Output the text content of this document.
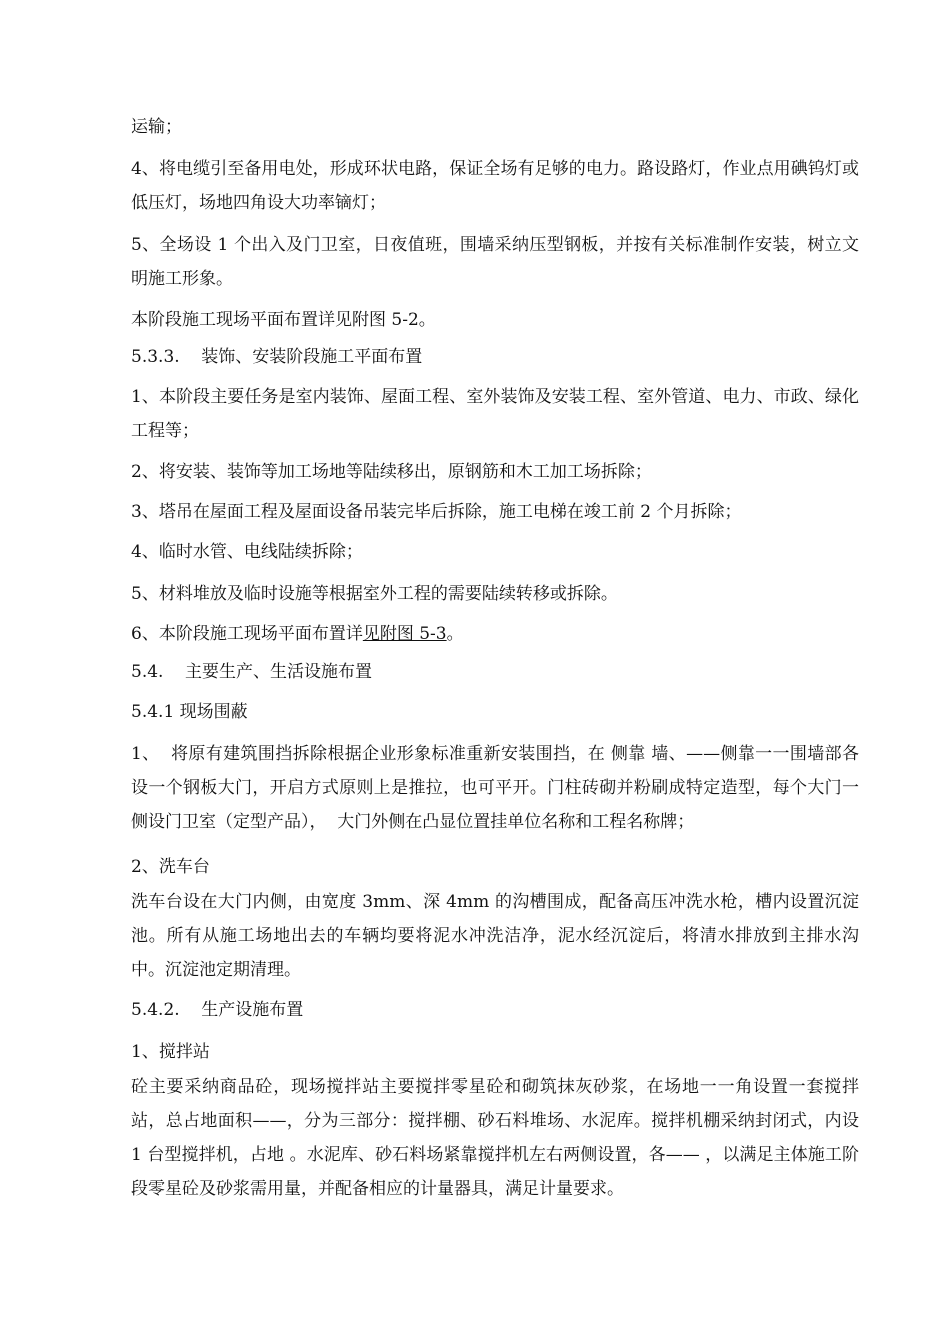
运输；

4、将电缆引至备用电处，形成环状电路，保证全场有足够的电力。路设路灯，作业点用碘钨灯或低压灯，场地四角设大功率镝灯；

5、全场设 1 个出入及门卫室，日夜值班，围墙采纳压型钢板，并按有关标准制作安装，树立文明施工形象。

本阶段施工现场平面布置详见附图 5-2。

5.3.3.    装饰、安装阶段施工平面布置

1、本阶段主要任务是室内装饰、屋面工程、室外装饰及安装工程、室外管道、电力、市政、绿化工程等；

2、将安装、装饰等加工场地等陆续移出，原钢筋和木工加工场拆除；

3、塔吊在屋面工程及屋面设备吊装完毕后拆除，施工电梯在竣工前 2 个月拆除；

4、临时水管、电线陆续拆除；

5、材料堆放及临时设施等根据室外工程的需要陆续转移或拆除。

6、本阶段施工现场平面布置详见附图 5-3。

5.4.    主要生产、生活设施布置

5.4.1 现场围蔽

1、  将原有建筑围挡拆除根据企业形象标准重新安装围挡，在 侧靠 墙、——侧靠一一围墙部各设一个钢板大门，开启方式原则上是推拉，也可平开。门柱砖砌并粉刷成特定造型，每个大门一侧设门卫室（定型产品），  大门外侧在凸显位置挂单位名称和工程名称牌；

2、洗车台

洗车台设在大门内侧，由宽度 3mm、深 4mm 的沟槽围成，配备高压冲洗水枪，槽内设置沉淀池。所有从施工场地出去的车辆均要将泥水冲洗洁净，泥水经沉淀后，将清水排放到主排水沟中。沉淀池定期清理。

5.4.2.    生产设施布置

1、搅拌站

砼主要采纳商品砼，现场搅拌站主要搅拌零星砼和砌筑抹灰砂浆，在场地一一角设置一套搅拌站，总占地面积——，分为三部分：搅拌棚、砂石料堆场、水泥库。搅拌机棚采纳封闭式，内设 1 台型搅拌机，占地 。水泥库、砂石料场紧靠搅拌机左右两侧设置，各—— ，以满足主体施工阶段零星砼及砂浆需用量，并配备相应的计量器具，满足计量要求。
